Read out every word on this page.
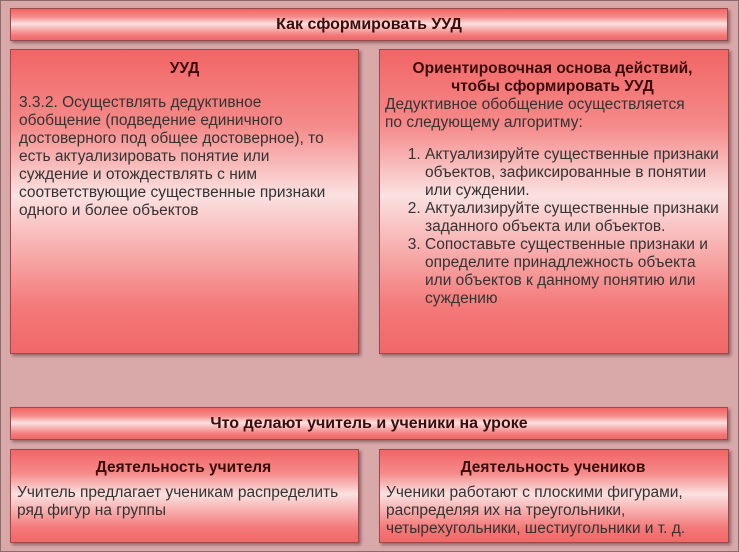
Как сформировать УУД
УУД
3.3.2. Осуществлять дедуктивное обобщение (подведение единичного достоверного под общее достоверное), то есть актуализировать понятие или суждение и отождествлять с ним соответствующие существенные признаки одного и более объектов
Ориентировочная основа действий,
чтобы сформировать УУД
Дедуктивное обобщение осуществляется по следующему алгоритму:
1. Актуализируйте существенные признаки объектов, зафиксированные в понятии или суждении.
2. Актуализируйте существенные признаки заданного объекта или объектов.
3. Сопоставьте существенные признаки и определите принадлежность объекта или объектов к данному понятию или суждению
Что делают учитель и ученики на уроке
Деятельность учителя
Учитель предлагает ученикам распределить ряд фигур на группы
Деятельность учеников
Ученики работают с плоскими фигурами, распределяя их на треугольники, четырехугольники, шестиугольники и т. д.
